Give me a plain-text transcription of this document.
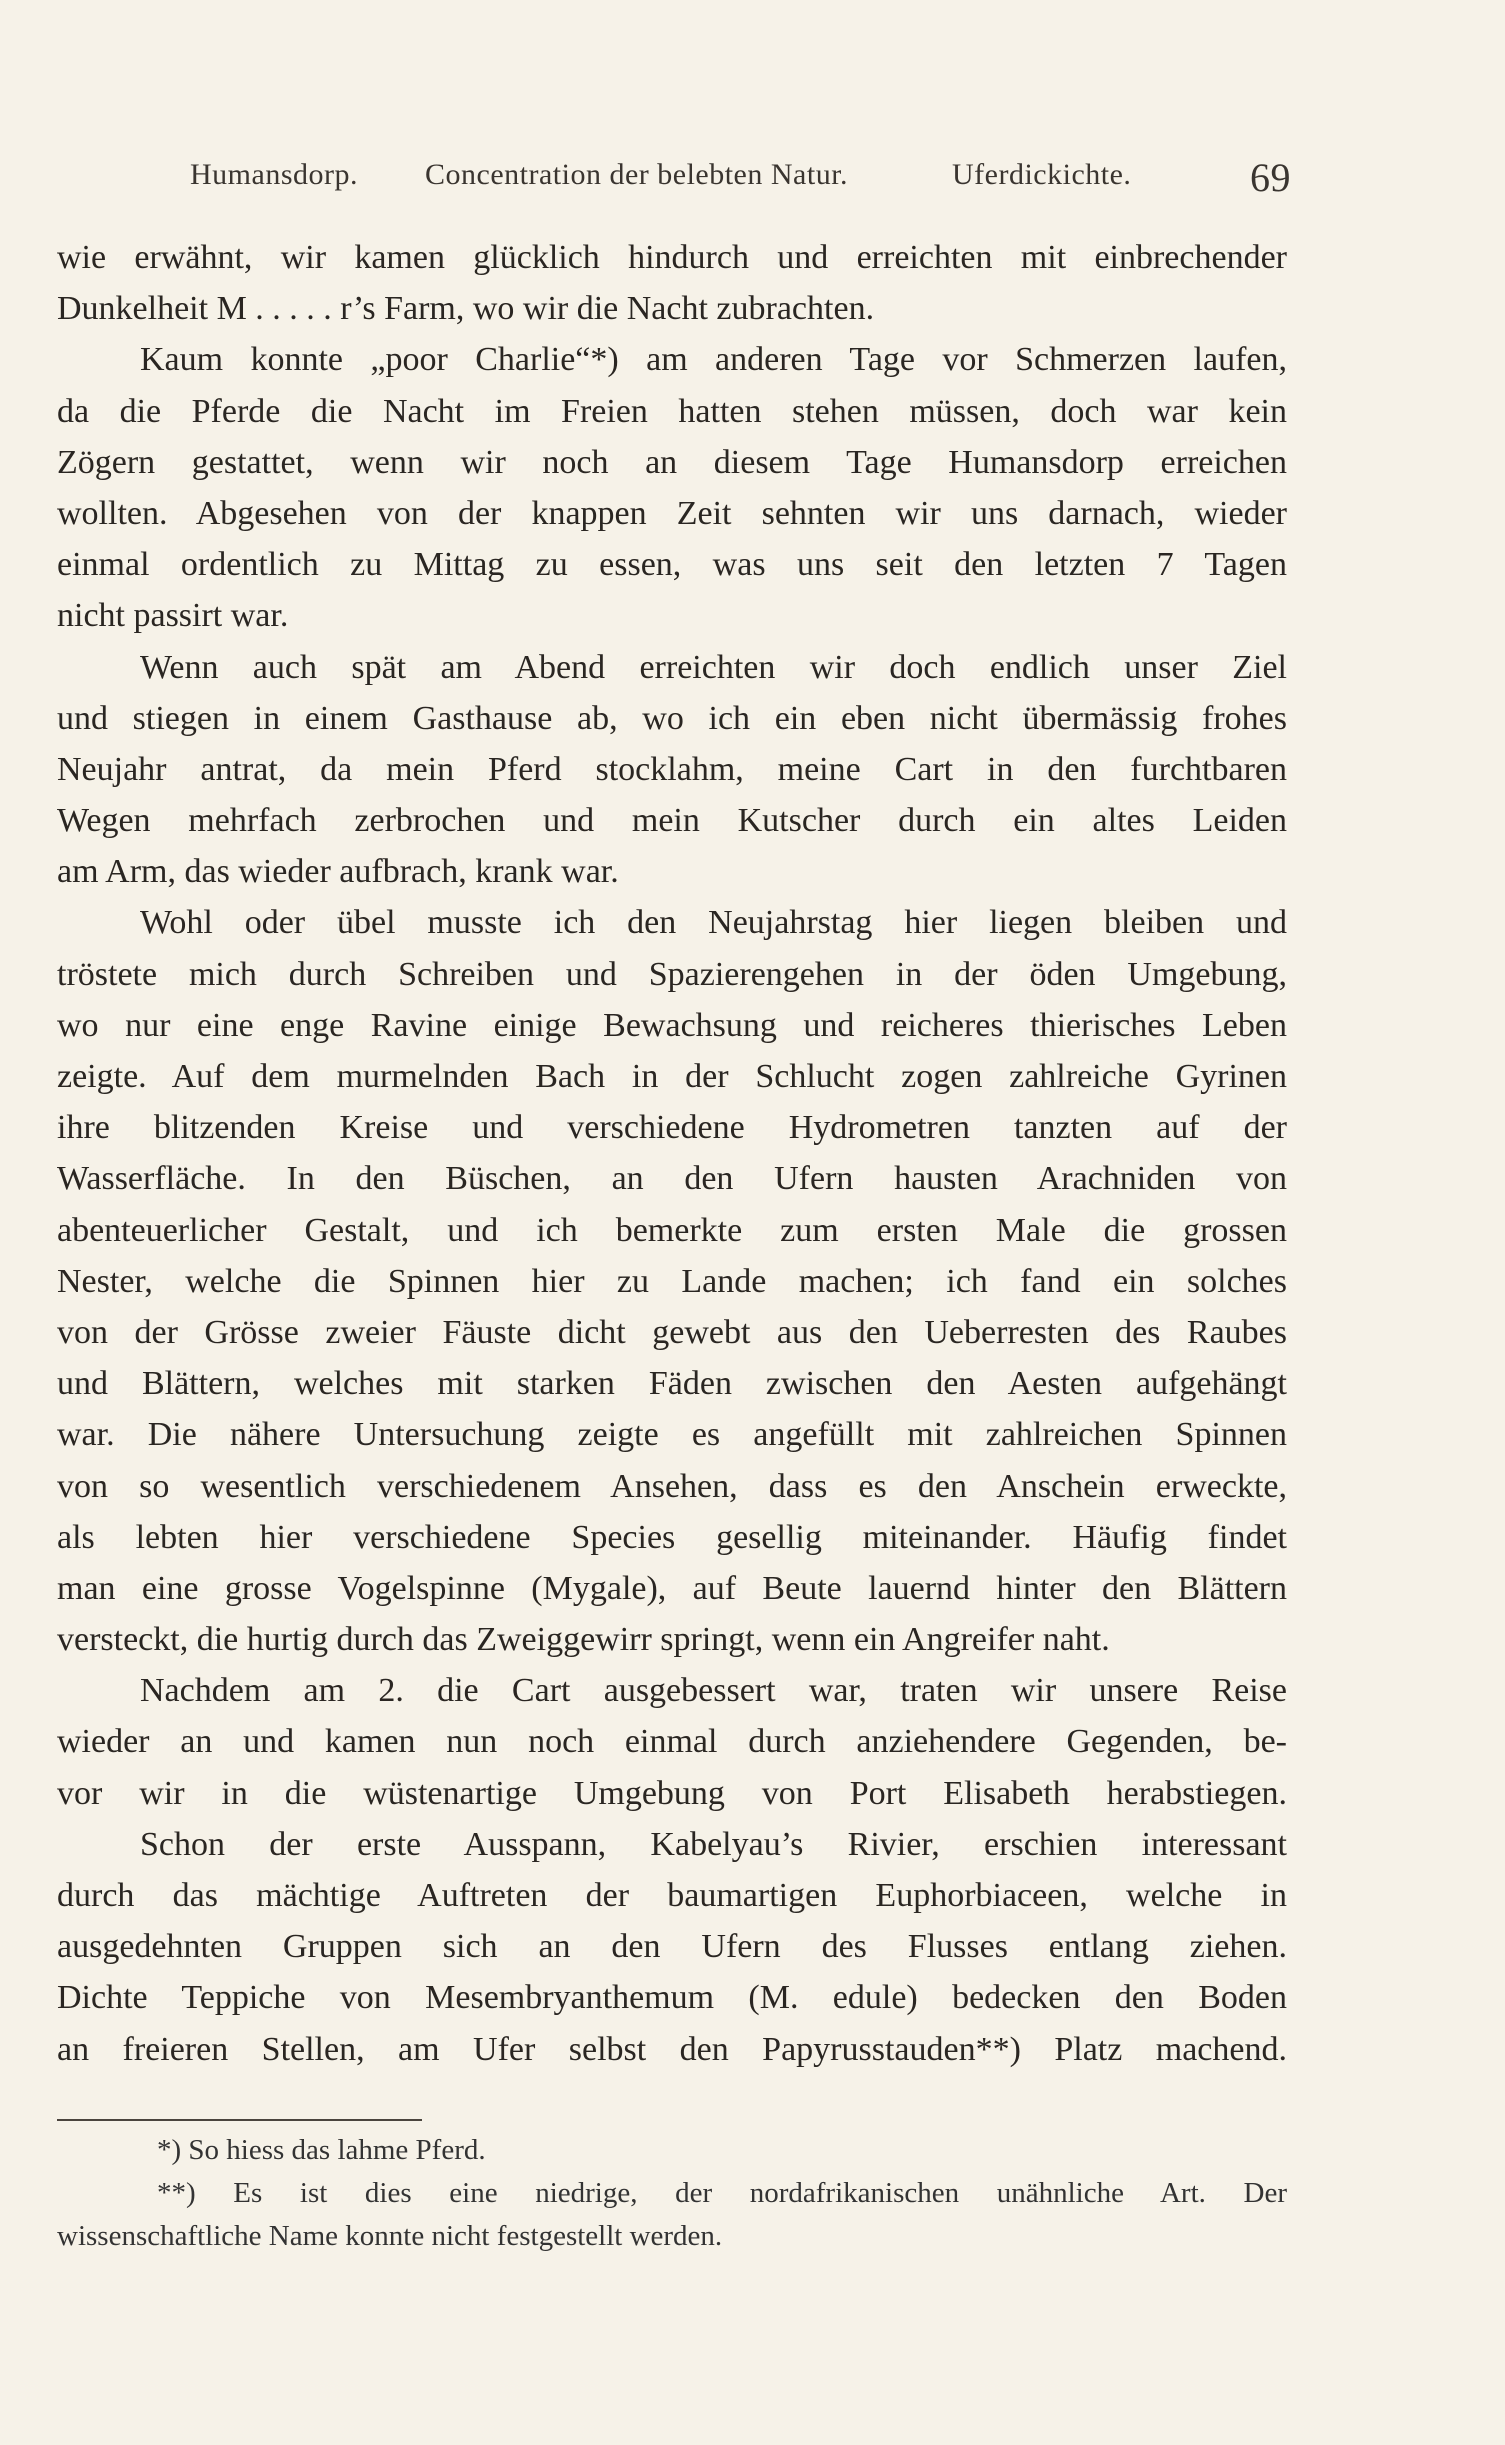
Humansdorp. Concentration der belebten Natur.	Uferdickichte.	69
wie erwähnt, wir kamen glücklich hindurch und erreichten mit einbrechender
Dunkelheit M . . . . . r’s Farm, wo wir die Nacht zubrachten.
Kaum konnte „poor Charlie“*) am anderen Tage vor Schmerzen laufen,
da die Pferde die Nacht im Freien hatten stehen müssen, doch war kein
Zögern gestattet, wenn wir noch an diesem Tage Humansdorp erreichen
wollten. Abgesehen von der knappen Zeit sehnten wir uns darnach, wieder
einmal ordentlich zu Mittag zu essen, was uns seit den letzten 7 Tagen
nicht passirt war.
Wenn auch spät am Abend erreichten wir doch endlich unser Ziel
und stiegen in einem Gasthause ab, wo ich ein eben nicht übermässig frohes
Neujahr antrat, da mein Pferd stocklahm, meine Cart in den furchtbaren
Wegen mehrfach zerbrochen und mein Kutscher durch ein altes Leiden
am Arm, das wieder aufbrach, krank war.
Wohl oder übel musste ich den Neujahrstag hier liegen bleiben und
tröstete mich durch Schreiben und Spazierengehen in der öden Umgebung,
wo nur eine enge Ravine einige Bewachsung und reicheres thierisches Leben
zeigte. Auf dem murmelnden Bach in der Schlucht zogen zahlreiche Gyrinen
ihre blitzenden Kreise und verschiedene Hydrometren tanzten auf der
Wasserfläche. In den Büschen, an den Ufern hausten Arachniden von
abenteuerlicher Gestalt, und ich bemerkte zum ersten Male die grossen
Nester, welche die Spinnen hier zu Lande machen; ich fand ein solches
von der Grösse zweier Fäuste dicht gewebt aus den Ueberresten des Raubes
und Blättern, welches mit starken Fäden zwischen den Aesten aufgehängt
war. Die nähere Untersuchung zeigte es angefüllt mit zahlreichen Spinnen
von so wesentlich verschiedenem Ansehen, dass es den Anschein erweckte,
als lebten hier verschiedene Species gesellig miteinander. Häufig findet
man eine grosse Vogelspinne (Mygale), auf Beute lauernd hinter den Blättern
versteckt, die hurtig durch das Zweiggewirr springt, wenn ein Angreifer naht.
Nachdem am 2. die Cart ausgebessert war, traten wir unsere Reise
wieder an und kamen nun noch einmal durch anziehendere Gegenden, be-
vor wir in die wüstenartige Umgebung von Port Elisabeth herabstiegen.
Schon der erste Ausspann, Kabelyau’s Rivier, erschien interessant
durch das mächtige Auftreten der baumartigen Euphorbiaceen, welche in
ausgedehnten Gruppen sich an den Ufern des Flusses entlang ziehen.
Dichte Teppiche von Mesembryanthemum (M. edule) bedecken den Boden
an freieren Stellen, am Ufer selbst den Papyrusstauden**) Platz machend.
*) So hiess das lahme Pferd.
**) Es ist dies eine niedrige, der nordafrikanischen unähnliche Art. Der
wissenschaftliche Name konnte nicht festgestellt werden.
